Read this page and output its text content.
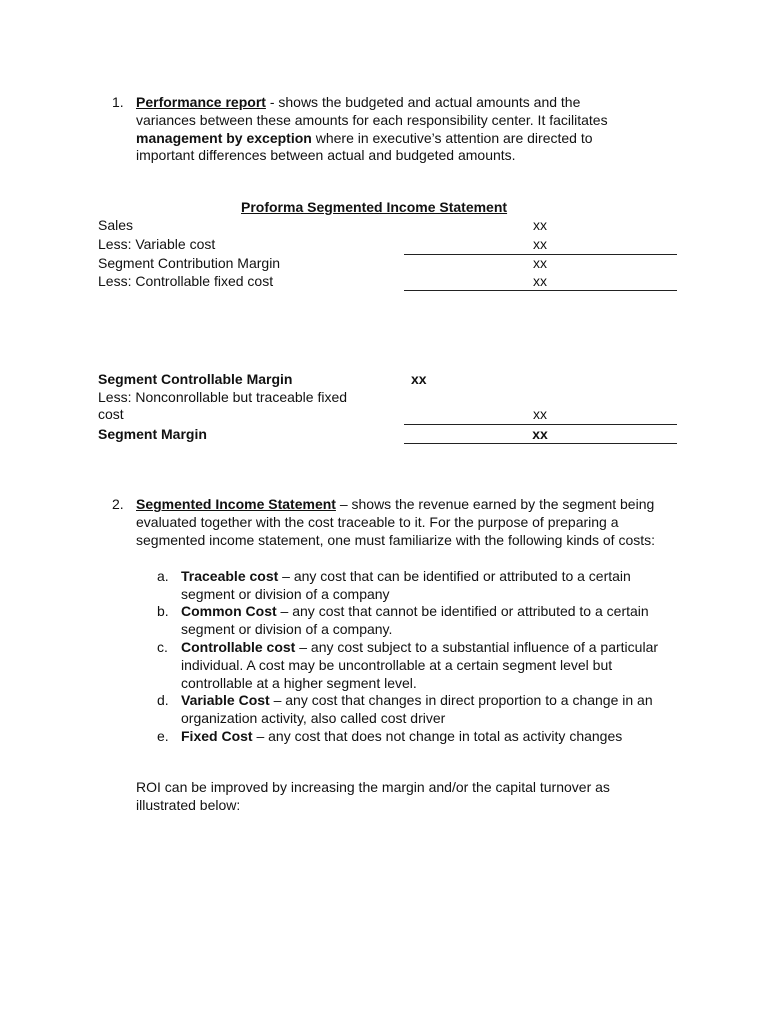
1. Performance report - shows the budgeted and actual amounts and the variances between these amounts for each responsibility center. It facilitates management by exception where in executive’s attention are directed to important differences between actual and budgeted amounts.
Proforma Segmented Income Statement
Sales	xx
Less: Variable cost	xx
Segment Contribution Margin	xx
Less: Controllable fixed cost	xx
Segment Controllable Margin	xx
Less: Nonconrollable but traceable fixed
cost	xx
Segment Margin	xx
2. Segmented Income Statement – shows the revenue earned by the segment being evaluated together with the cost traceable to it. For the purpose of preparing a segmented income statement, one must familiarize with the following kinds of costs:
a. Traceable cost – any cost that can be identified or attributed to a certain segment or division of a company
b. Common Cost – any cost that cannot be identified or attributed to a certain segment or division of a company.
c. Controllable cost – any cost subject to a substantial influence of a particular individual. A cost may be uncontrollable at a certain segment level but controllable at a higher segment level.
d. Variable Cost – any cost that changes in direct proportion to a change in an organization activity, also called cost driver
e. Fixed Cost – any cost that does not change in total as activity changes
ROI can be improved by increasing the margin and/or the capital turnover as illustrated below:
